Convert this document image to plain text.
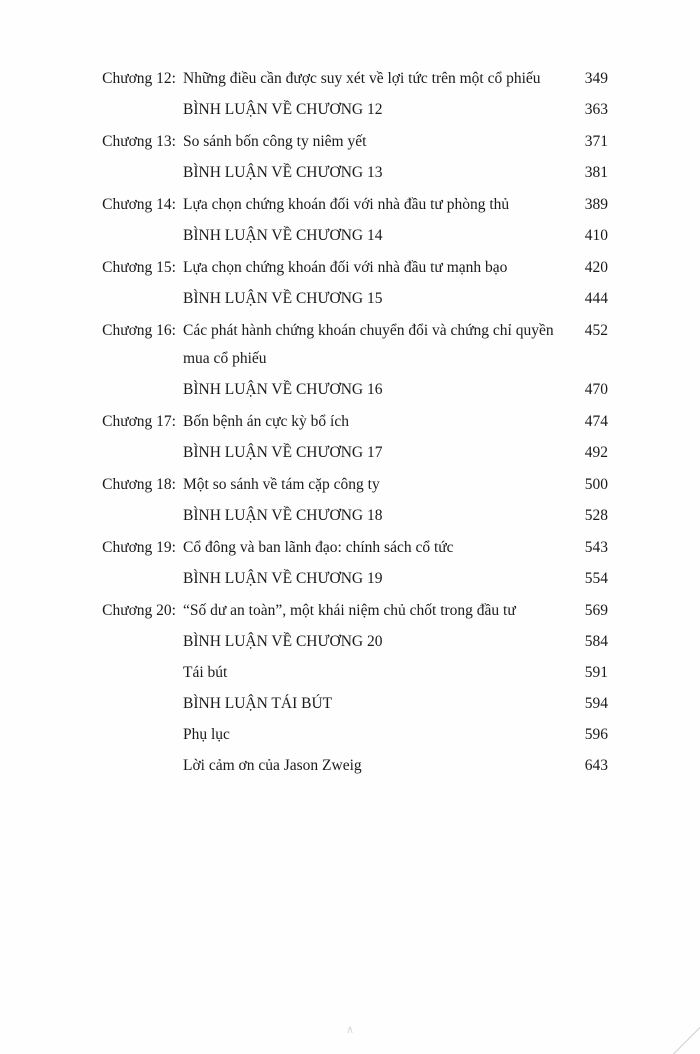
Chương 12: Những điều cần được suy xét về lợi tức trên một cổ phiếu	349
BÌNH LUẬN VỀ CHƯƠNG 12	363
Chương 13: So sánh bốn công ty niêm yết	371
BÌNH LUẬN VỀ CHƯƠNG 13	381
Chương 14: Lựa chọn chứng khoán đối với nhà đầu tư phòng thủ	389
BÌNH LUẬN VỀ CHƯƠNG 14	410
Chương 15: Lựa chọn chứng khoán đối với nhà đầu tư mạnh bạo	420
BÌNH LUẬN VỀ CHƯƠNG 15	444
Chương 16: Các phát hành chứng khoán chuyển đổi và chứng chỉ quyền	452
mua cổ phiếu
BÌNH LUẬN VỀ CHƯƠNG 16	470
Chương 17: Bốn bệnh án cực kỳ bổ ích	474
BÌNH LUẬN VỀ CHƯƠNG 17	492
Chương 18: Một so sánh về tám cặp công ty	500
BÌNH LUẬN VỀ CHƯƠNG 18	528
Chương 19: Cổ đông và ban lãnh đạo: chính sách cổ tức	543
BÌNH LUẬN VỀ CHƯƠNG 19	554
Chương 20: “Số dư an toàn”, một khái niệm chủ chốt trong đầu tư	569
BÌNH LUẬN VỀ CHƯƠNG 20	584
Tái bút	591
BÌNH LUẬN TÁI BÚT	594
Phụ lục	596
Lời cảm ơn của Jason Zweig	643
∧
